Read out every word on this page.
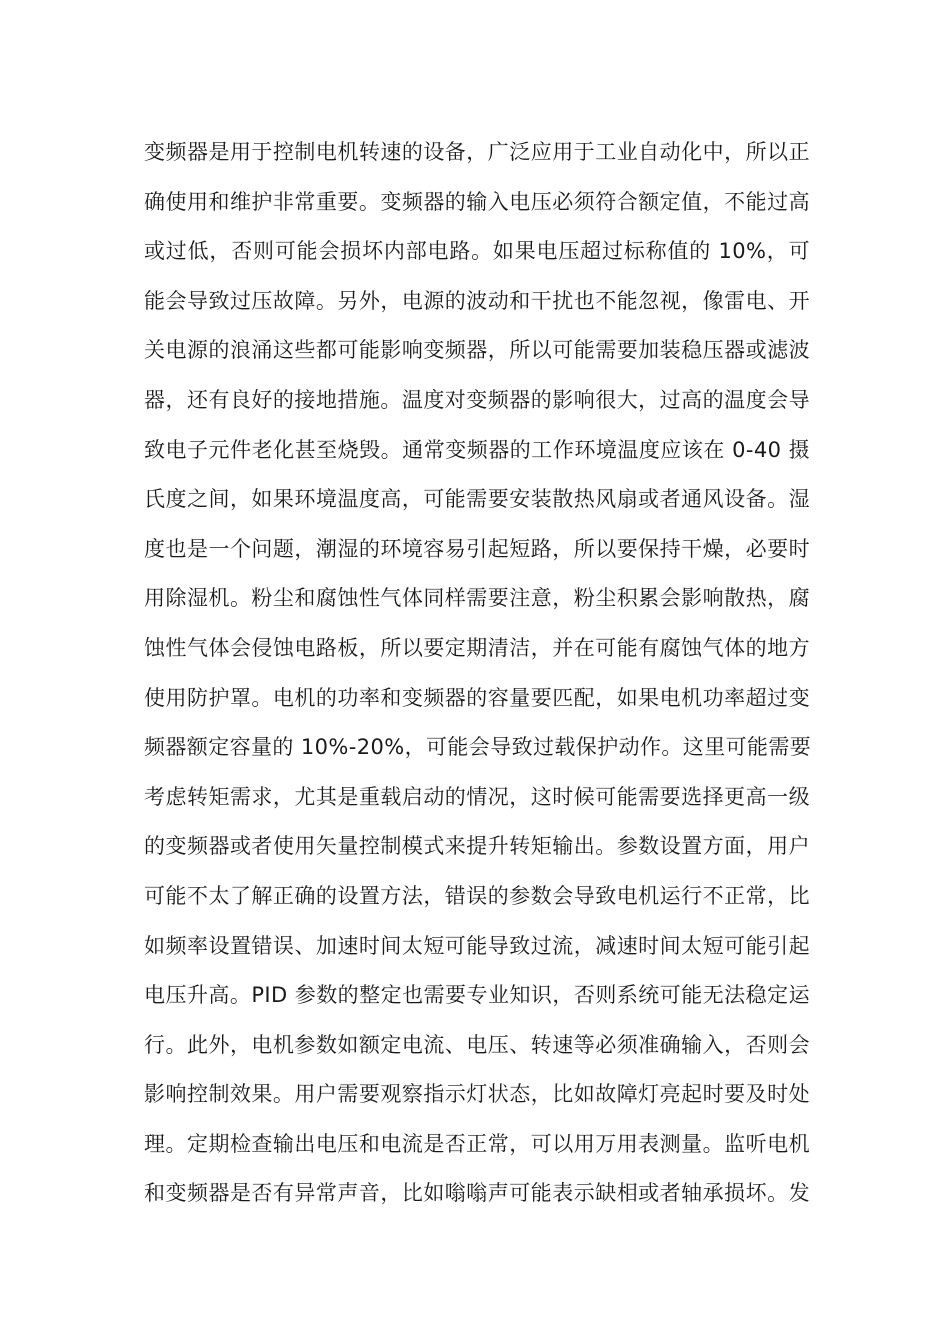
变频器是用于控制电机转速的设备，广泛应用于工业自动化中，所以正
确使用和维护非常重要。变频器的输入电压必须符合额定值，不能过高
或过低，否则可能会损坏内部电路。如果电压超过标称值的 10%，可
能会导致过压故障。另外，电源的波动和干扰也不能忽视，像雷电、开
关电源的浪涌这些都可能影响变频器，所以可能需要加装稳压器或滤波
器，还有良好的接地措施。温度对变频器的影响很大，过高的温度会导
致电子元件老化甚至烧毁。通常变频器的工作环境温度应该在 0-40 摄
氏度之间，如果环境温度高，可能需要安装散热风扇或者通风设备。湿
度也是一个问题，潮湿的环境容易引起短路，所以要保持干燥，必要时
用除湿机。粉尘和腐蚀性气体同样需要注意，粉尘积累会影响散热，腐
蚀性气体会侵蚀电路板，所以要定期清洁，并在可能有腐蚀气体的地方
使用防护罩。电机的功率和变频器的容量要匹配，如果电机功率超过变
频器额定容量的 10%-20%，可能会导致过载保护动作。这里可能需要
考虑转矩需求，尤其是重载启动的情况，这时候可能需要选择更高一级
的变频器或者使用矢量控制模式来提升转矩输出。参数设置方面，用户
可能不太了解正确的设置方法，错误的参数会导致电机运行不正常，比
如频率设置错误、加速时间太短可能导致过流，减速时间太短可能引起
电压升高。PID 参数的整定也需要专业知识，否则系统可能无法稳定运
行。此外，电机参数如额定电流、电压、转速等必须准确输入，否则会
影响控制效果。用户需要观察指示灯状态，比如故障灯亮起时要及时处
理。定期检查输出电压和电流是否正常，可以用万用表测量。监听电机
和变频器是否有异常声音，比如嗡嗡声可能表示缺相或者轴承损坏。发
